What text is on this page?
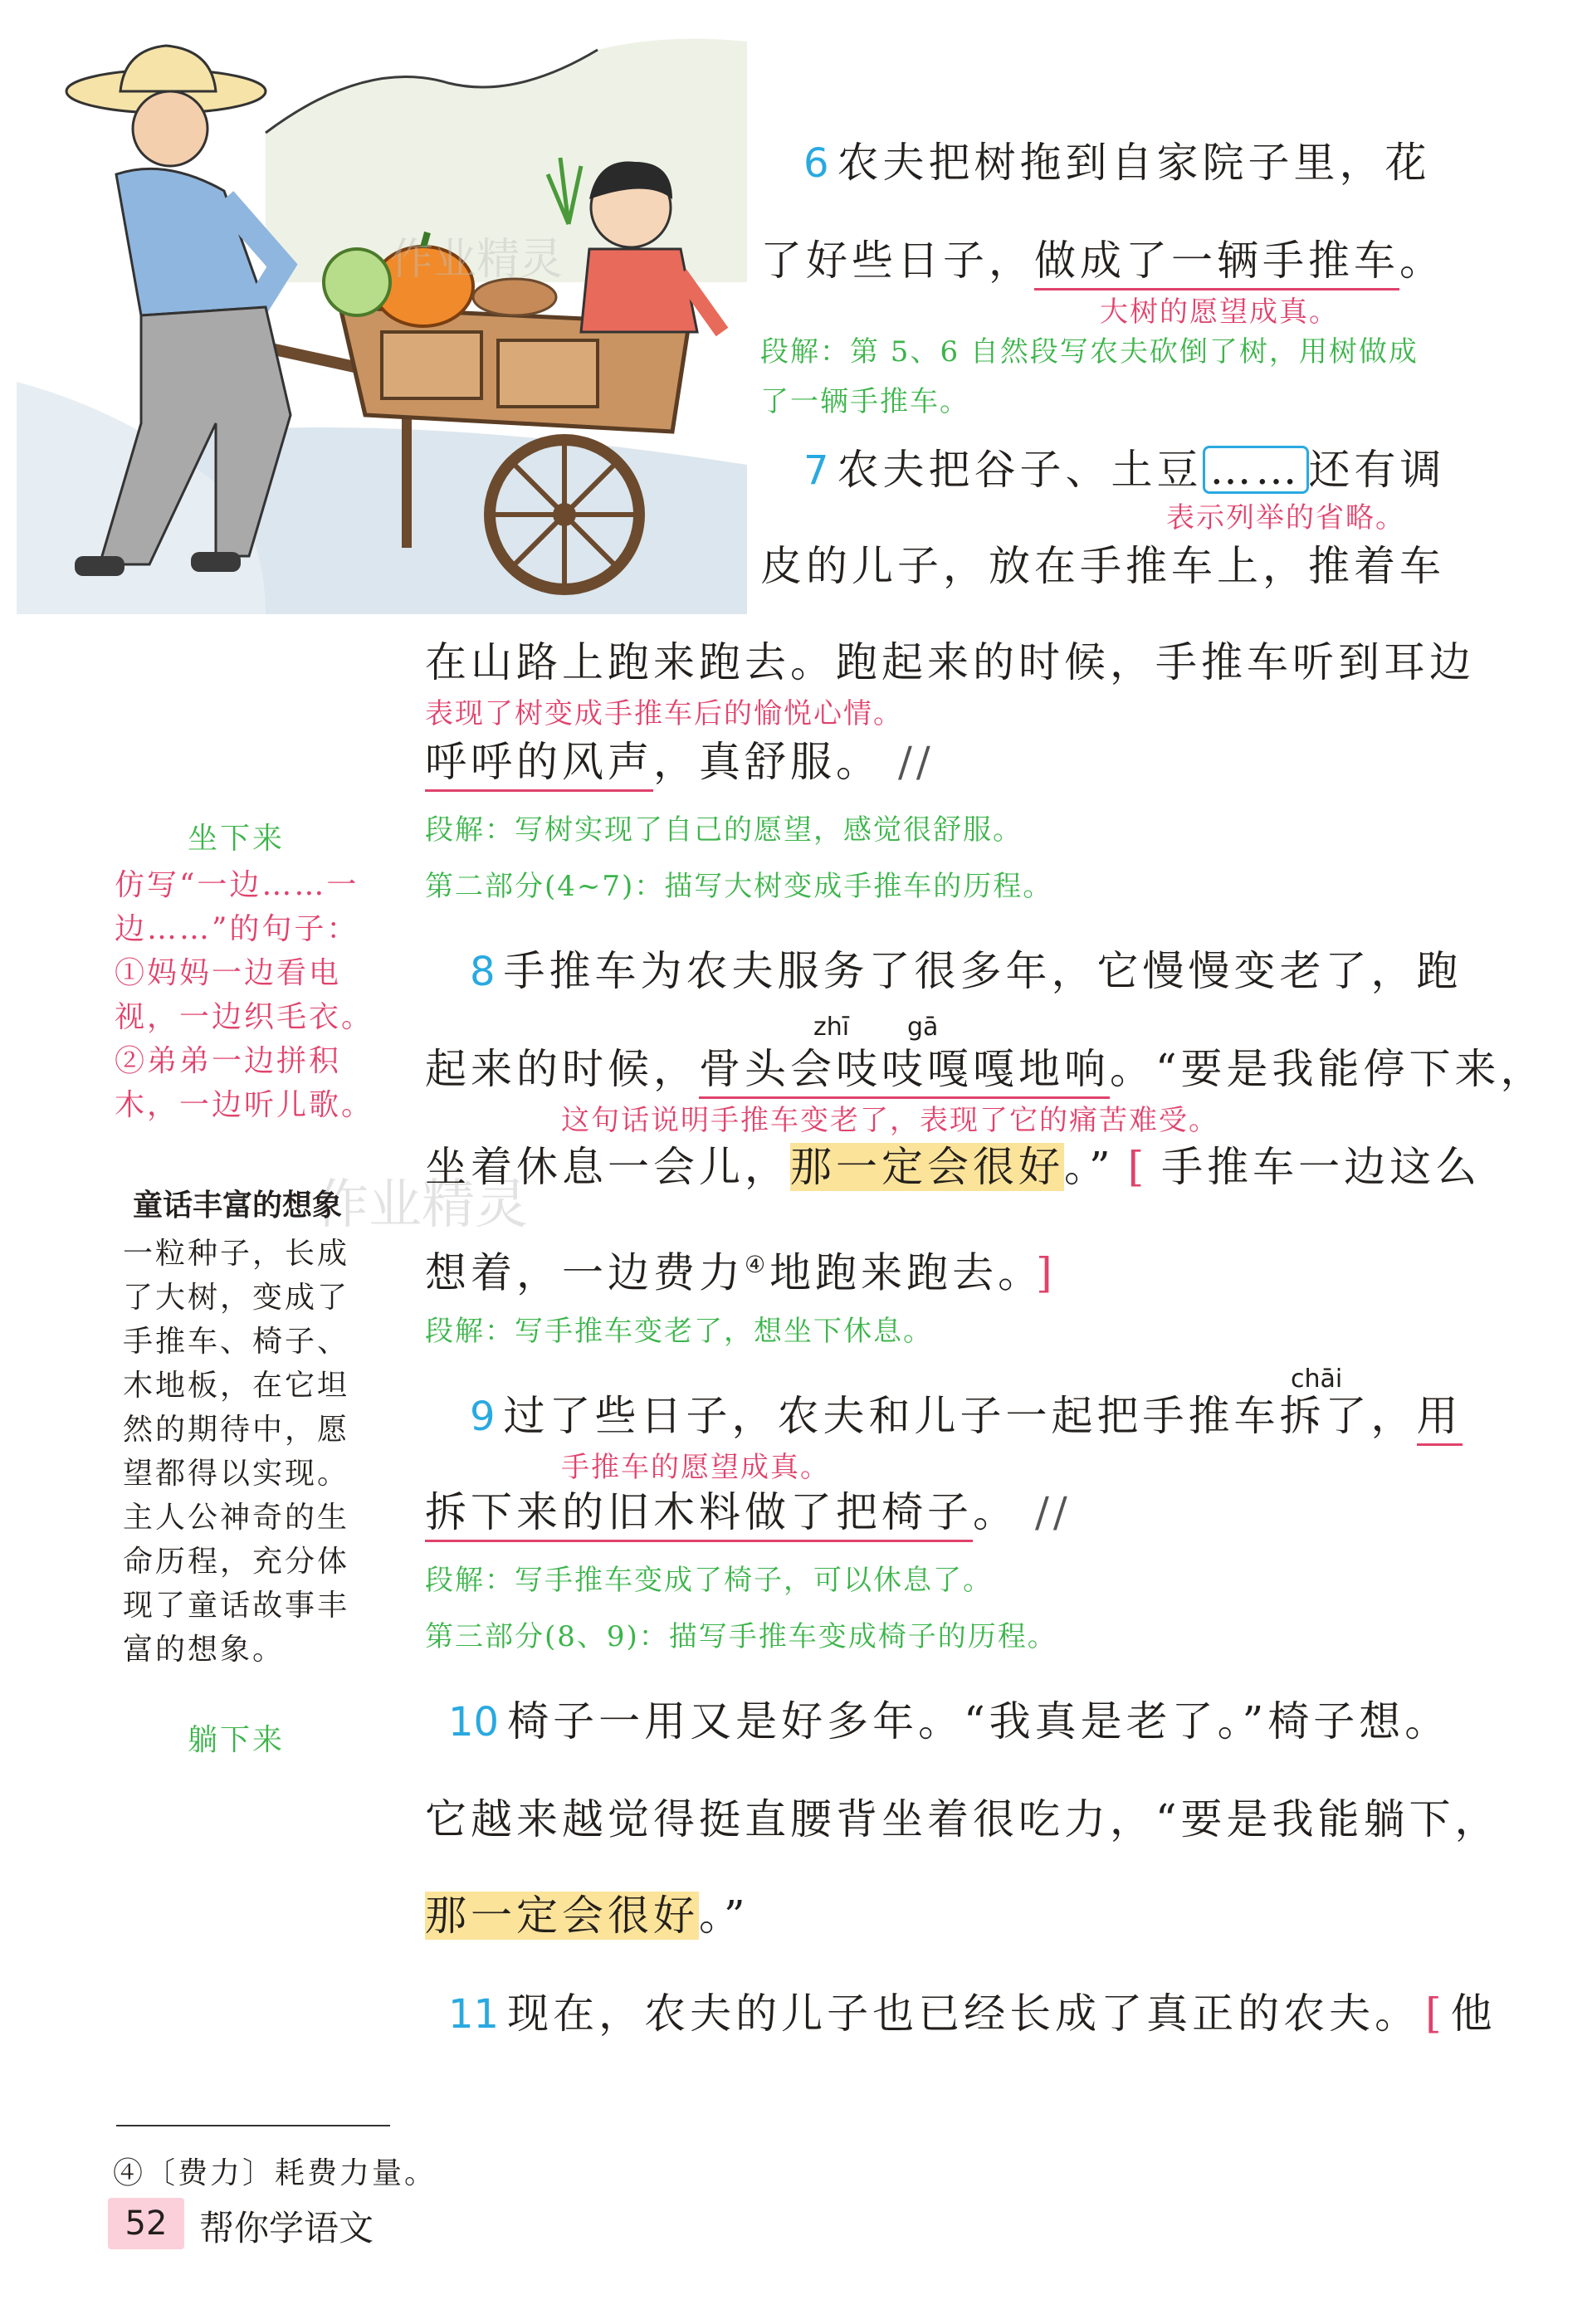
作业精灵
作业精灵
6 农夫把树拖到自家院子里，花
了好些日子，做成了一辆手推车。
大树的愿望成真。
段解：第 5、6 自然段写农夫砍倒了树，用树做成
了一辆手推车。
7 农夫把谷子、土豆 …… 还有调
表示列举的省略。
皮的儿子，放在手推车上，推着车
在山路上跑来跑去。跑起来的时候，手推车听到耳边
表现了树变成手推车后的愉悦心情。
呼呼的风声，真舒服。 //
段解：写树实现了自己的愿望，感觉很舒服。
第二部分(4~7)：描写大树变成手推车的历程。
8 手推车为农夫服务了很多年，它慢慢变老了，跑
zhī gā
起来的时候，骨头会吱吱嘎嘎地响。“要是我能停下来，
这句话说明手推车变老了，表现了它的痛苦难受。
坐着休息一会儿，那一定会很好。” [ 手推车一边这么
想着，一边费力④地跑来跑去。 ]
段解：写手推车变老了，想坐下休息。
chāi
9 过了些日子，农夫和儿子一起把手推车拆了，用
手推车的愿望成真。
拆下来的旧木料做了把椅子。 //
段解：写手推车变成了椅子，可以休息了。
第三部分(8、9)：描写手推车变成椅子的历程。
10 椅子一用又是好多年。“我真是老了。”椅子想。
它越来越觉得挺直腰背坐着很吃力，“要是我能躺下，
那一定会很好。”
11 现在，农夫的儿子也已经长成了真正的农夫。 [ 他
坐下来
仿写“一边……一
边……”的句子：
①妈妈一边看电
视，一边织毛衣。
②弟弟一边拼积
木，一边听儿歌。
童话丰富的想象
一粒种子，长成
了大树，变成了
手推车、椅子、
木地板，在它坦
然的期待中，愿
望都得以实现。
主人公神奇的生
命历程，充分体
现了童话故事丰
富的想象。
躺下来
④〔费力〕耗费力量。
52 帮你学语文
